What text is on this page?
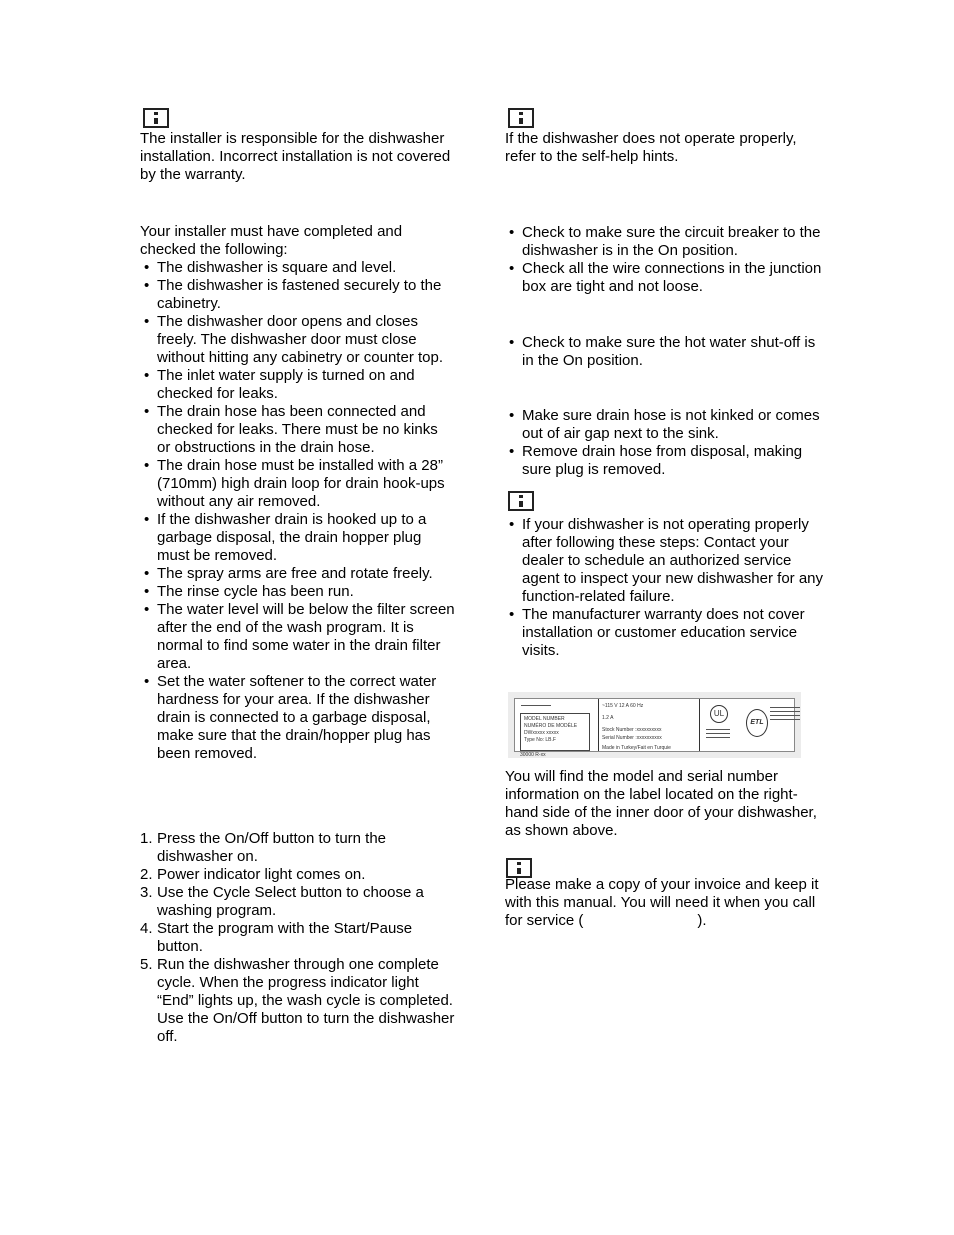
The installer is responsible for the dishwasher installation. Incorrect installation is not covered by the warranty.

Your installer must have completed and checked the following:

• The dishwasher is square and level.
• The dishwasher is fastened securely to the cabinetry.
• The dishwasher door opens and closes freely. The dishwasher door must close without hitting any cabinetry or counter top.
• The inlet water supply is turned on and checked for leaks.
• The drain hose has been connected and checked for leaks. There must be no kinks or obstructions in the drain hose.
• The drain hose must be installed with a 28” (710mm) high drain loop for drain hook-ups without any air removed.
• If the dishwasher drain is hooked up to a garbage disposal, the drain hopper plug must be removed.
• The spray arms are free and rotate freely.
• The rinse cycle has been run.
• The water level will be below the filter screen after the end of the wash program. It is normal to find some water in the drain filter area.
• Set the water softener to the correct water hardness for your area. If the dishwasher drain is connected to a garbage disposal, make sure that the drain/hopper plug has been removed.
1. Press the On/Off button to turn the dishwasher on.
2. Power indicator light comes on.
3. Use the Cycle Select button to choose a washing program.
4. Start the program with the Start/Pause button.
5. Run the dishwasher through one complete cycle. When the progress indicator light “End” lights up, the wash cycle is completed. Use the On/Off button to turn the dishwasher off.

If the dishwasher does not operate properly, refer to the self-help hints.

• Check to make sure the circuit breaker to the dishwasher is in the On position.
• Check all the wire connections in the junction box are tight and not loose.
• Check to make sure the hot water shut-off is in the On position.
• Make sure drain hose is not kinked or comes out of air gap next to the sink.
• Remove drain hose from disposal, making sure plug is removed.
• If your dishwasher is not operating properly after following these steps: Contact your dealer to schedule an authorized service agent to inspect your new dishwasher for any function-related failure.
• The manufacturer warranty does not cover installation or customer education service visits.
MODEL NUMBER
NUMÉRO DE MODÈLE
DWxxxxx xxxxx
Type No: LB.F
30000 R-xx
~115 V 12 A 60 Hz
1.2 A
Stock Number :xxxxxxxxxx
Serial Number :xxxxxxxxxx
Made in Turkey/Fait en Turquie
UL
ETL

You will find the model and serial number information on the label located on the right-hand side of the inner door of your dishwasher, as shown above.

Please make a copy of your invoice and keep it with this manual. You will need it when you call for service (	).
